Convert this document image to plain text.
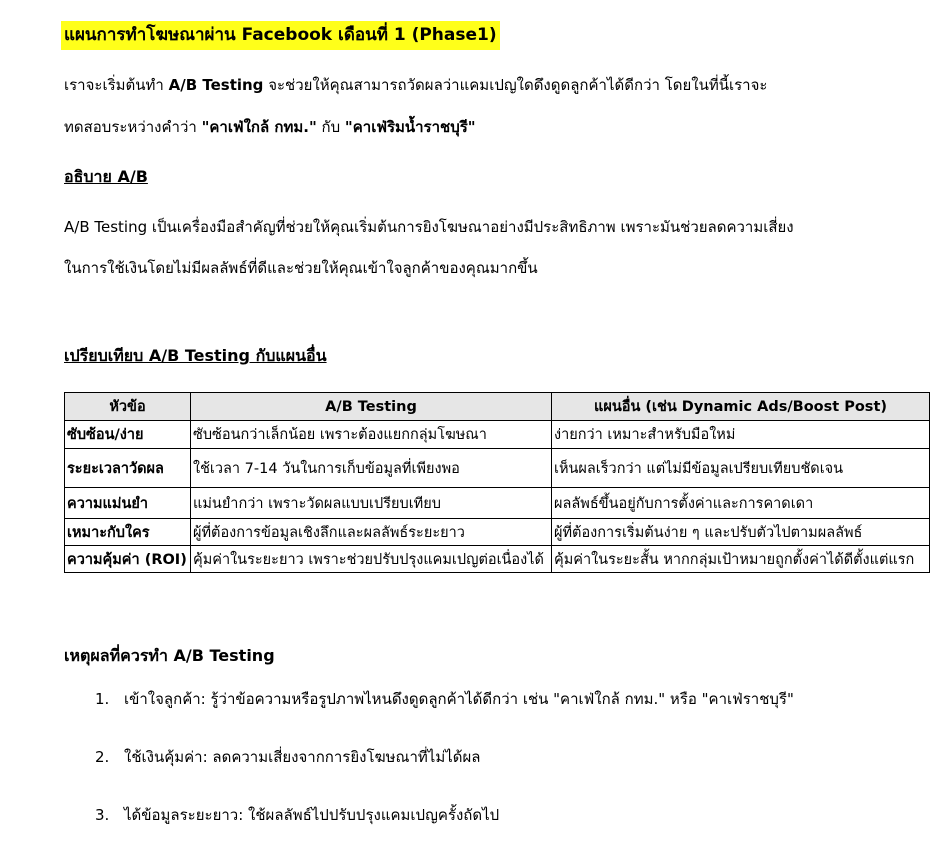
แผนการทำโฆษณาผ่าน Facebook เดือนที่ 1 (Phase1)
เราจะเริ่มต้นทำ A/B Testing จะช่วยให้คุณสามารถวัดผลว่าแคมเปญใดดึงดูดลูกค้าได้ดีกว่า โดยในที่นี้เราจะ
ทดสอบระหว่างคำว่า "คาเฟ่ใกล้ กทม." กับ "คาเฟ่ริมน้ำราชบุรี"
อธิบาย A/B
A/B Testing เป็นเครื่องมือสำคัญที่ช่วยให้คุณเริ่มต้นการยิงโฆษณาอย่างมีประสิทธิภาพ เพราะมันช่วยลดความเสี่ยง
ในการใช้เงินโดยไม่มีผลลัพธ์ที่ดีและช่วยให้คุณเข้าใจลูกค้าของคุณมากขึ้น
เปรียบเทียบ A/B Testing กับแผนอื่น
หัวข้อ	A/B Testing	แผนอื่น (เช่น Dynamic Ads/Boost Post)
ซับซ้อน/ง่าย	ซับซ้อนกว่าเล็กน้อย เพราะต้องแยกกลุ่มโฆษณา	ง่ายกว่า เหมาะสำหรับมือใหม่
ระยะเวลาวัดผล	ใช้เวลา 7-14 วันในการเก็บข้อมูลที่เพียงพอ	เห็นผลเร็วกว่า แต่ไม่มีข้อมูลเปรียบเทียบชัดเจน
ความแม่นยำ	แม่นยำกว่า เพราะวัดผลแบบเปรียบเทียบ	ผลลัพธ์ขึ้นอยู่กับการตั้งค่าและการคาดเดา
เหมาะกับใคร	ผู้ที่ต้องการข้อมูลเชิงลึกและผลลัพธ์ระยะยาว	ผู้ที่ต้องการเริ่มต้นง่าย ๆ และปรับตัวไปตามผลลัพธ์
ความคุ้มค่า (ROI)	คุ้มค่าในระยะยาว เพราะช่วยปรับปรุงแคมเปญต่อเนื่องได้	คุ้มค่าในระยะสั้น หากกลุ่มเป้าหมายถูกตั้งค่าได้ดีตั้งแต่แรก
เหตุผลที่ควรทำ A/B Testing
1. เข้าใจลูกค้า: รู้ว่าข้อความหรือรูปภาพไหนดึงดูดลูกค้าได้ดีกว่า เช่น "คาเฟ่ใกล้ กทม." หรือ "คาเฟ่ราชบุรี"
2. ใช้เงินคุ้มค่า: ลดความเสี่ยงจากการยิงโฆษณาที่ไม่ได้ผล
3. ได้ข้อมูลระยะยาว: ใช้ผลลัพธ์ไปปรับปรุงแคมเปญครั้งถัดไป
